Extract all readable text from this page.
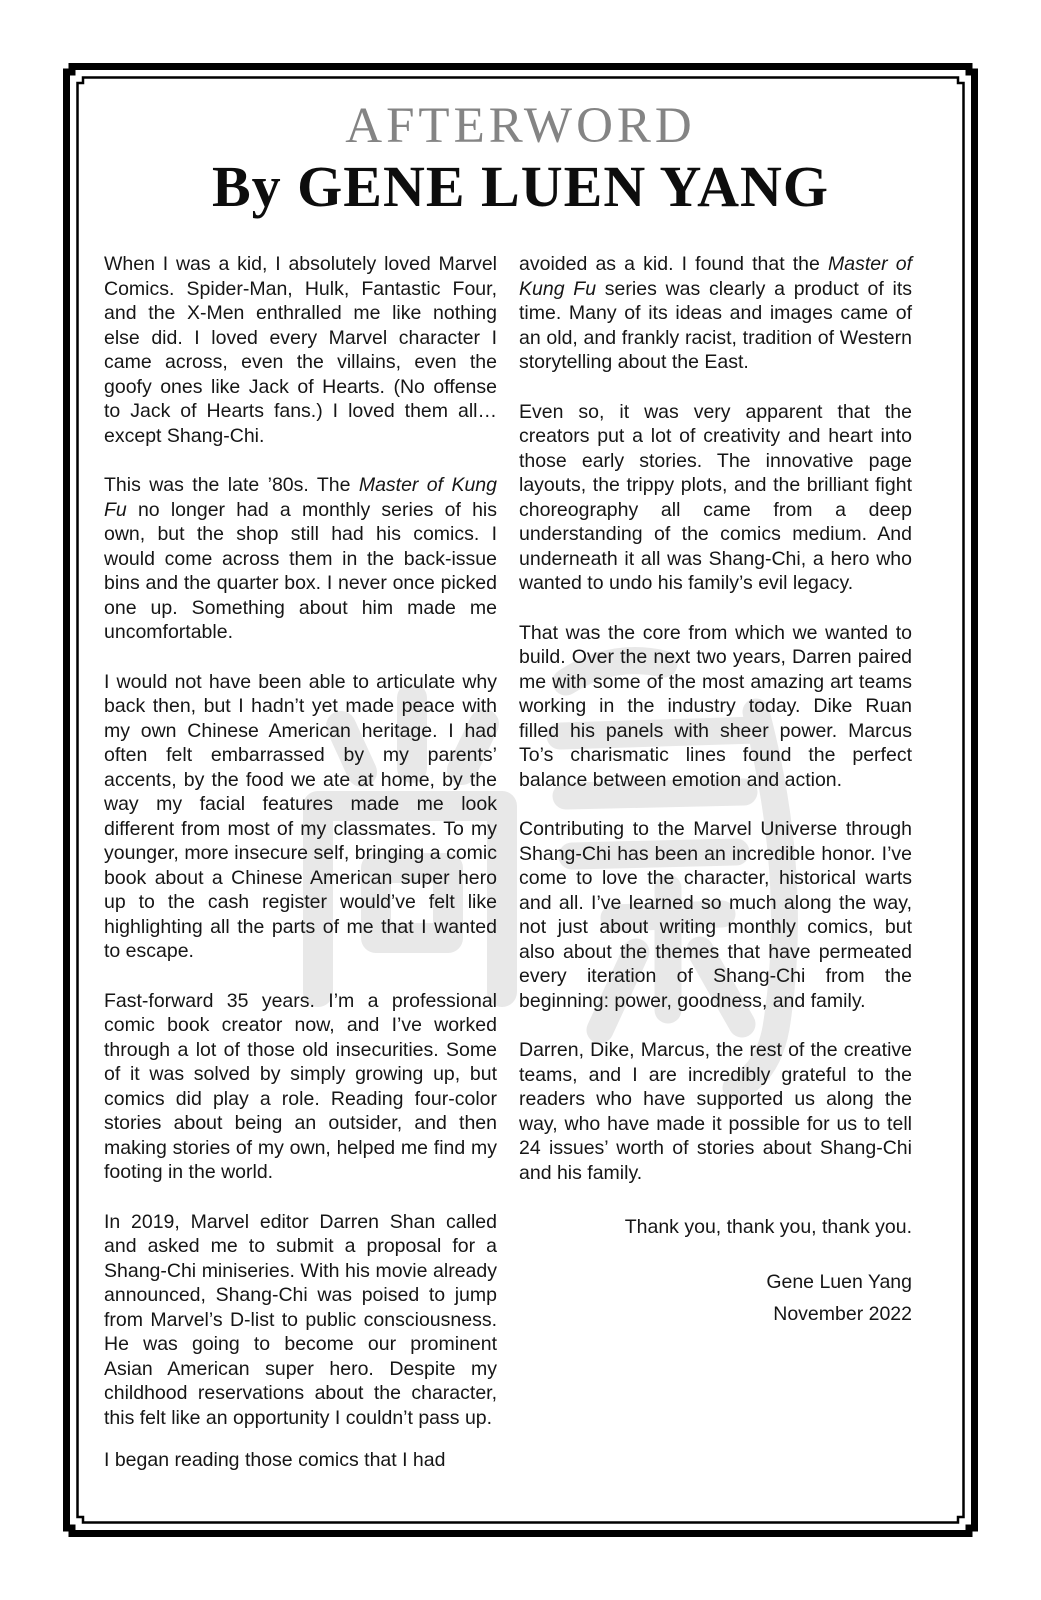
AFTERWORD
By GENE LUEN YANG

When I was a kid, I absolutely loved Marvel Comics. Spider-Man, Hulk, Fantastic Four, and the X-Men enthralled me like nothing else did. I loved every Marvel character I came across, even the villains, even the goofy ones like Jack of Hearts. (No offense to Jack of Hearts fans.) I loved them all…except Shang-Chi.

This was the late ’80s. The Master of Kung Fu no longer had a monthly series of his own, but the shop still had his comics. I would come across them in the back-issue bins and the quarter box. I never once picked one up. Something about him made me uncomfortable.

I would not have been able to articulate why back then, but I hadn’t yet made peace with my own Chinese American heritage. I had often felt embarrassed by my parents’ accents, by the food we ate at home, by the way my facial features made me look different from most of my classmates. To my younger, more insecure self, bringing a comic book about a Chinese American super hero up to the cash register would’ve felt like highlighting all the parts of me that I wanted to escape.

Fast-forward 35 years. I’m a professional comic book creator now, and I’ve worked through a lot of those old insecurities. Some of it was solved by simply growing up, but comics did play a role. Reading four-color stories about being an outsider, and then making stories of my own, helped me find my footing in the world.

In 2019, Marvel editor Darren Shan called and asked me to submit a proposal for a Shang-Chi miniseries. With his movie already announced, Shang-Chi was poised to jump from Marvel’s D-list to public consciousness. He was going to become our prominent Asian American super hero. Despite my childhood reservations about the character, this felt like an opportunity I couldn’t pass up.

I began reading those comics that I had

avoided as a kid. I found that the Master of Kung Fu series was clearly a product of its time. Many of its ideas and images came of an old, and frankly racist, tradition of Western storytelling about the East.

Even so, it was very apparent that the creators put a lot of creativity and heart into those early stories. The innovative page layouts, the trippy plots, and the brilliant fight choreography all came from a deep understanding of the comics medium. And underneath it all was Shang-Chi, a hero who wanted to undo his family’s evil legacy.

That was the core from which we wanted to build. Over the next two years, Darren paired me with some of the most amazing art teams working in the industry today. Dike Ruan filled his panels with sheer power. Marcus To’s charismatic lines found the perfect balance between emotion and action.

Contributing to the Marvel Universe through Shang-Chi has been an incredible honor. I’ve come to love the character, historical warts and all. I’ve learned so much along the way, not just about writing monthly comics, but also about the themes that have permeated every iteration of Shang-Chi from the beginning: power, goodness, and family.

Darren, Dike, Marcus, the rest of the creative teams, and I are incredibly grateful to the readers who have supported us along the way, who have made it possible for us to tell 24 issues’ worth of stories about Shang-Chi and his family.

Thank you, thank you, thank you.
Gene Luen Yang
November 2022
